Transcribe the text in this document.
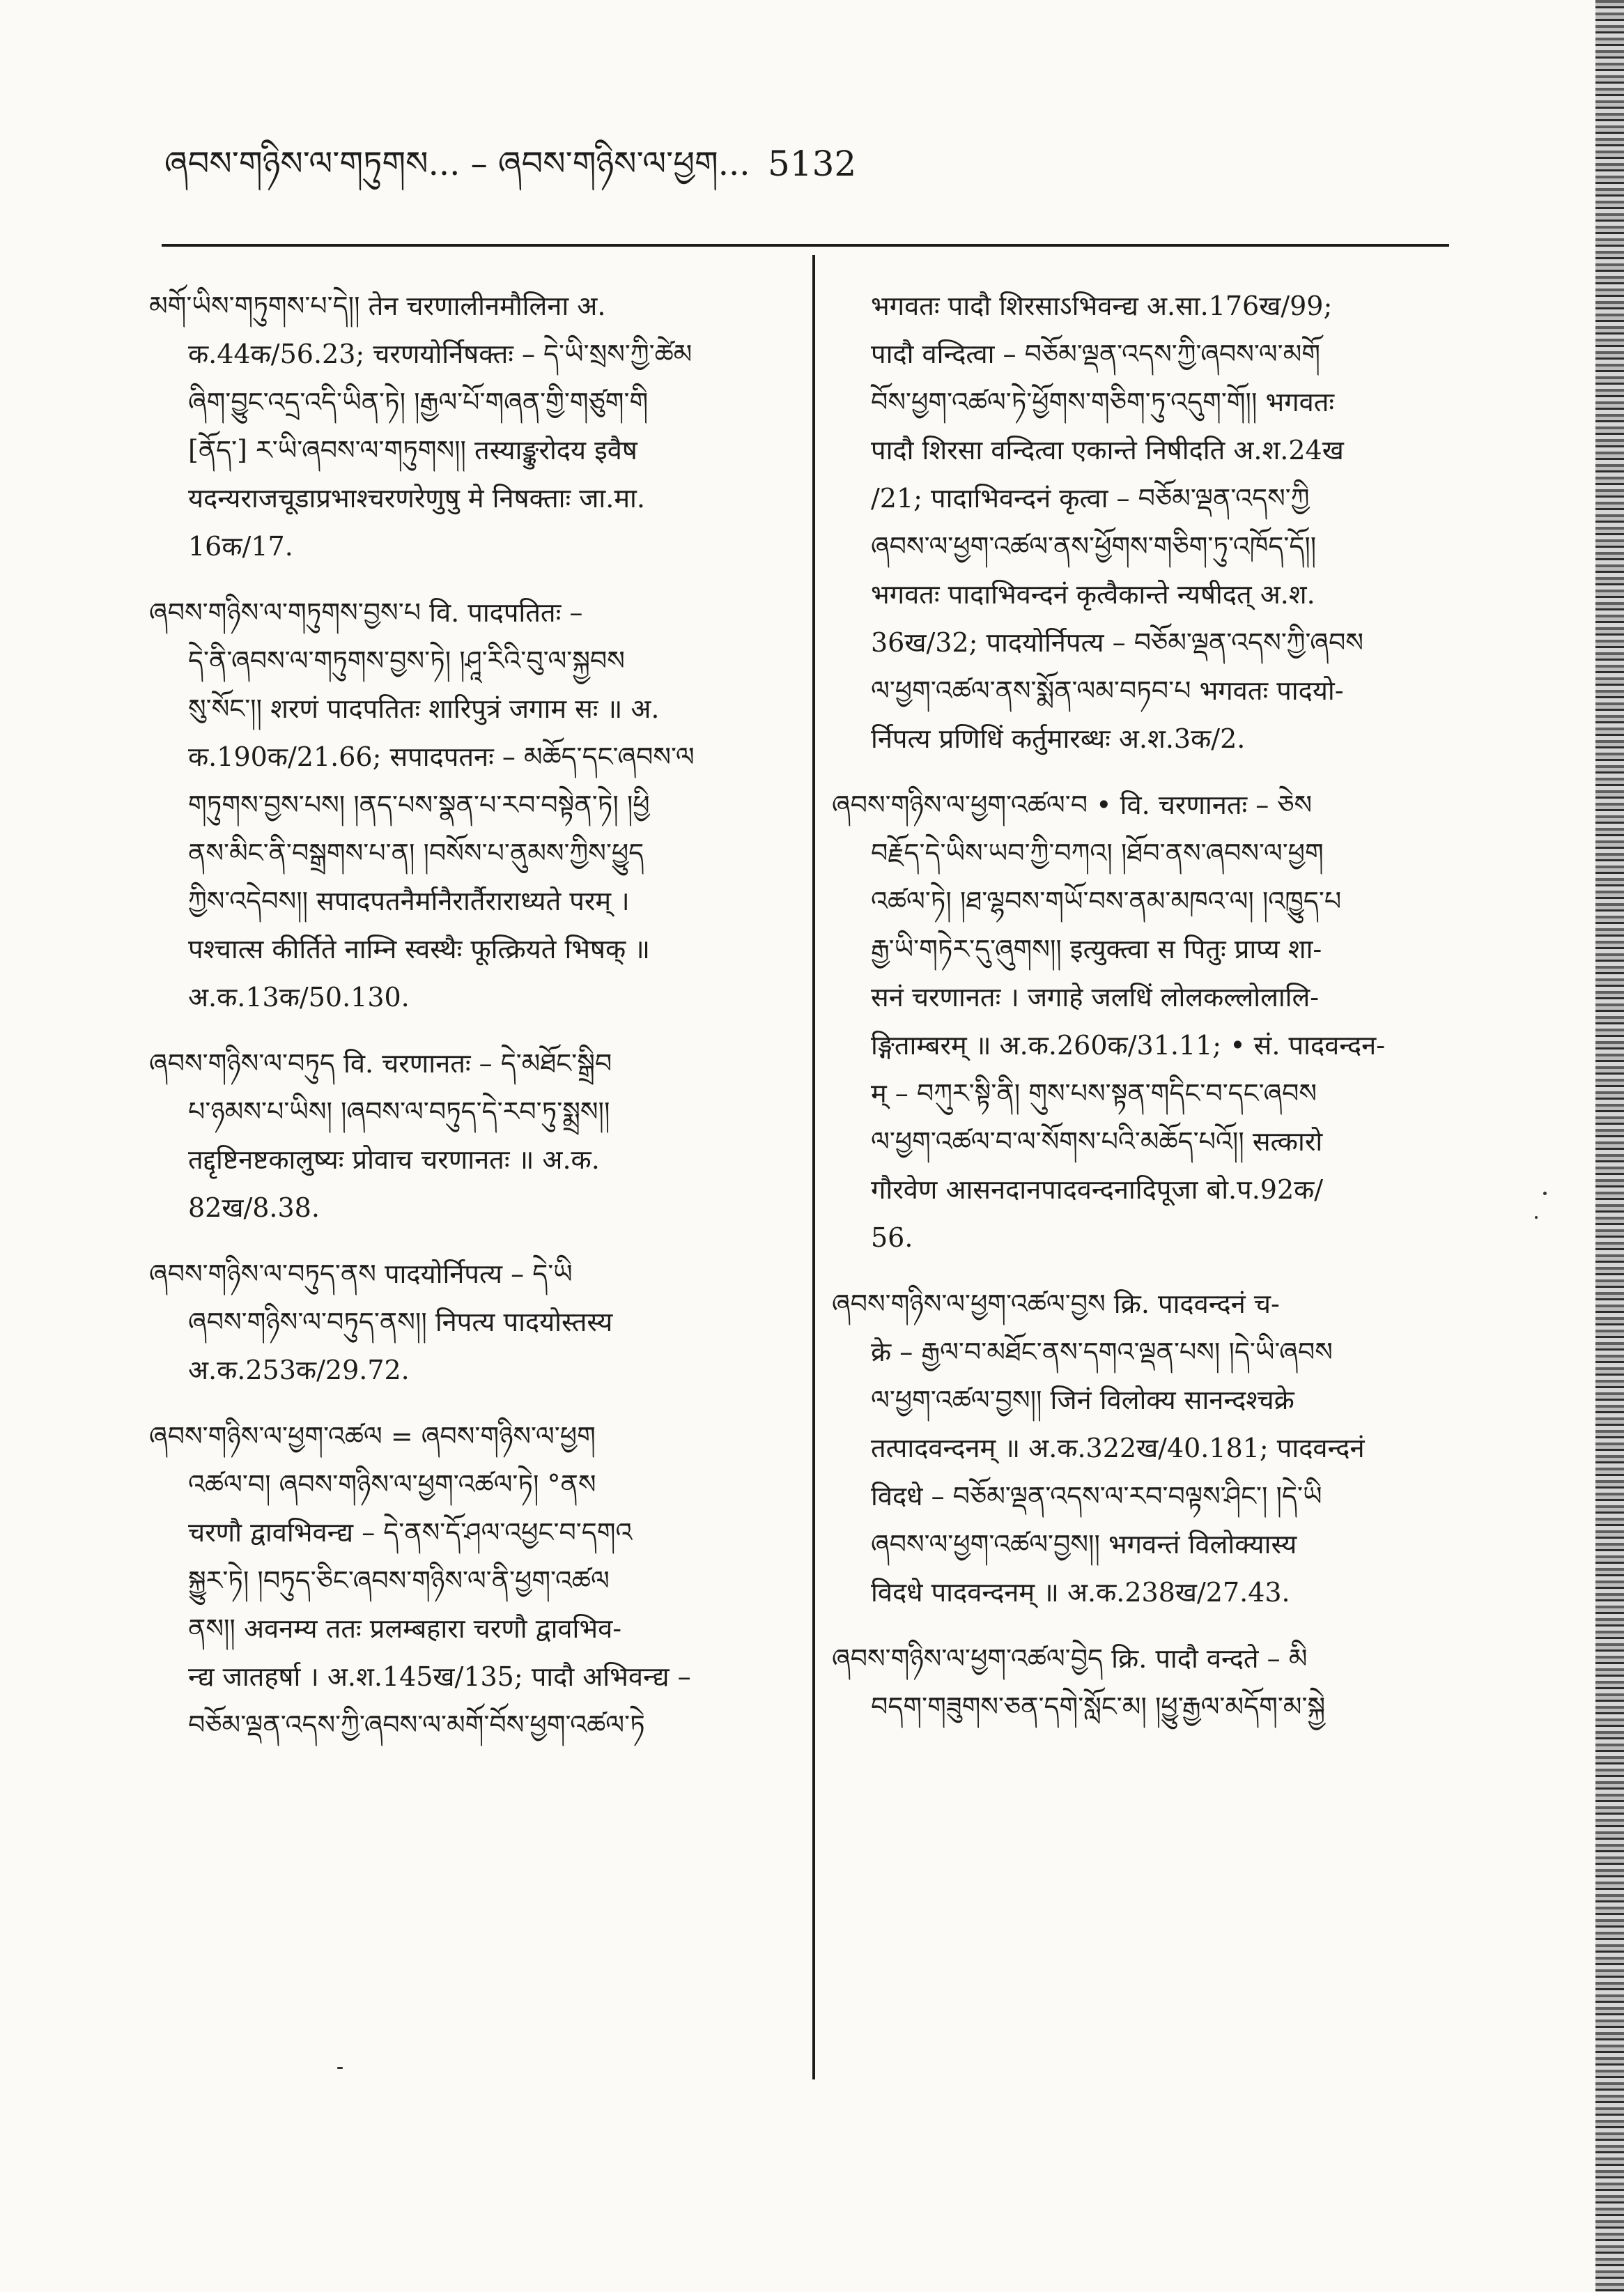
ཞབས་གཉིས་ལ་གཏུགས... – ཞབས་གཉིས་ལ་ཕྱག... 5132
མགོ་ཡིས་གཏུགས་པ་དེ།། तेन चरणालीनमौलिना अ.
क.44क/56.23; चरणयोर्निषक्तः – དེ་ཡི་སྲས་ཀྱི་ཚེམ
ཞིག་བྱུང་འདྲ་འདི་ཡིན་ཏེ། །རྒྱལ་པོ་གཞན་གྱི་གཙུག་གི
[ནོད་] ར་ཡི་ཞབས་ལ་གཏུགས།། तस्याङ्कुरोदय इवैष
यदन्यराजचूडाप्रभाश्चरणरेणुषु मे निषक्ताः जा.मा.
16क/17.
ཞབས་གཉིས་ལ་གཏུགས་བྱས་པ वि. पादपतितः –
དེ་ནི་ཞབས་ལ་གཏུགས་བྱས་ཏེ། །ཤཱ་རིའི་བུ་ལ་སྐྱབས
སུ་སོང་།། शरणं पादपतितः शारिपुत्रं जगाम सः ॥ अ.
क.190क/21.66; सपादपतनः – མཆོད་དང་ཞབས་ལ
གཏུགས་བྱས་པས། །ནད་པས་སྣན་པ་རབ་བསྟེན་ཏེ། །ཕྱི
ནས་མིང་ནི་བསྒྲགས་པ་ན། །བསོས་པ་ནུམས་ཀྱིས་ཕྱུད
ཀྱིས་འདེབས།། सपादपतनैर्मानैरार्तैराराध्यते परम् ।
पश्चात्स कीर्तिते नाम्नि स्वस्थैः फूत्क्रियते भिषक् ॥
अ.क.13क/50.130.
ཞབས་གཉིས་ལ་བཏུད वि. चरणानतः – དེ་མཐོང་སྒྲིབ
པ་ཉམས་པ་ཡིས། །ཞབས་ལ་བཏུད་དེ་རབ་ཏུ་སྨྲས།།
तद्दृष्टिनष्टकालुष्यः प्रोवाच चरणानतः ॥ अ.क.
82ख/8.38.
ཞབས་གཉིས་ལ་བཏུད་ནས पादयोर्निपत्य – དེ་ཡི
ཞབས་གཉིས་ལ་བཏུད་ནས།། निपत्य पादयोस्तस्य
अ.क.253क/29.72.
ཞབས་གཉིས་ལ་ཕྱག་འཚལ = ཞབས་གཉིས་ལ་ཕྱག
འཚལ་བ། ཞབས་གཉིས་ལ་ཕྱག་འཚལ་ཏེ། °ནས
चरणौ द्वावभिवन्द्य – དེ་ནས་དོ་ཤལ་འཕྱང་བ་དགའ
སྐྱུར་ཏེ། །བཏུད་ཅིང་ཞབས་གཉིས་ལ་ནི་ཕྱག་འཚལ
ནས།། अवनम्य ततः प्रलम्बहारा चरणौ द्वावभिव-
न्द्य जातहर्षा । अ.श.145ख/135; पादौ अभिवन्द्य –
བཅོམ་ལྡན་འདས་ཀྱི་ཞབས་ལ་མགོ་བོས་ཕྱག་འཚལ་ཏེ
भगवतः पादौ शिरसाऽभिवन्द्य अ.सा.176ख/99;
पादौ वन्दित्वा – བཅོམ་ལྡན་འདས་ཀྱི་ཞབས་ལ་མགོ
བོས་ཕྱག་འཚལ་ཏེ་ཕྱོགས་གཅིག་ཏུ་འདུག་གོ།། भगवतः
पादौ शिरसा वन्दित्वा एकान्ते निषीदति अ.श.24ख
/21; पादाभिवन्दनं कृत्वा – བཅོམ་ལྡན་འདས་ཀྱི
ཞབས་ལ་ཕྱག་འཚལ་ནས་ཕྱོགས་གཅིག་ཏུ་འཁོད་དོ།།
भगवतः पादाभिवन्दनं कृत्वैकान्ते न्यषीदत् अ.श.
36ख/32; पादयोर्निपत्य – བཅོམ་ལྡན་འདས་ཀྱི་ཞབས
ལ་ཕྱག་འཚལ་ནས་སྨོན་ལམ་བཏབ་པ भगवतः पादयो-
र्निपत्य प्रणिधिं कर्तुमारब्धः अ.श.3क/2.
ཞབས་གཉིས་ལ་ཕྱག་འཚལ་བ • वि. चरणानतः – ཅེས
བརྗོད་དེ་ཡིས་ཡབ་ཀྱི་བཀའ། །ཐོབ་ནས་ཞབས་ལ་ཕྱག
འཚལ་ཏེ། །ཐ་ལྷབས་གཡོ་བས་ནམ་མཁའ་ལ། །འཁྱུད་པ
རྒྱ་ཡི་གཏེར་དུ་ཞུགས།། इत्युक्त्वा स पितुः प्राप्य शा-
सनं चरणानतः । जगाहे जलधिं लोलकल्लोलालि-
ङ्गिताम्बरम् ॥ अ.क.260क/31.11; • सं. पादवन्दन-
म् – བཀུར་སྟི་ནི། གུས་པས་སྟན་གདིང་བ་དང་ཞབས
ལ་ཕྱག་འཚལ་བ་ལ་སོགས་པའི་མཆོད་པའོ།། सत्कारो
गौरवेण आसनदानपादवन्दनादिपूजा बो.प.92क/
56.
ཞབས་གཉིས་ལ་ཕྱག་འཚལ་བྱས क्रि. पादवन्दनं च-
क्रे – རྒྱལ་བ་མཐོང་ནས་དགའ་ལྡན་པས། །དེ་ཡི་ཞབས
ལ་ཕྱག་འཚལ་བྱས།། जिनं विलोक्य सानन्दश्चक्रे
तत्पादवन्दनम् ॥ अ.क.322ख/40.181; पादवन्दनं
विदधे – བཅོམ་ལྡན་འདས་ལ་རབ་བལྟས་ཤིང་། །དེ་ཡི
ཞབས་ལ་ཕྱག་འཚལ་བྱས།། भगवन्तं विलोक्यास्य
विदधे पादवन्दनम् ॥ अ.क.238ख/27.43.
ཞབས་གཉིས་ལ་ཕྱག་འཚལ་བྱེད क्रि. पादौ वन्दते – མི
བདག་གཟུགས་ཅན་དགེ་སློང་མ། །ཕྱུ་རྒྱལ་མདོག་མ་སྐྱེ
